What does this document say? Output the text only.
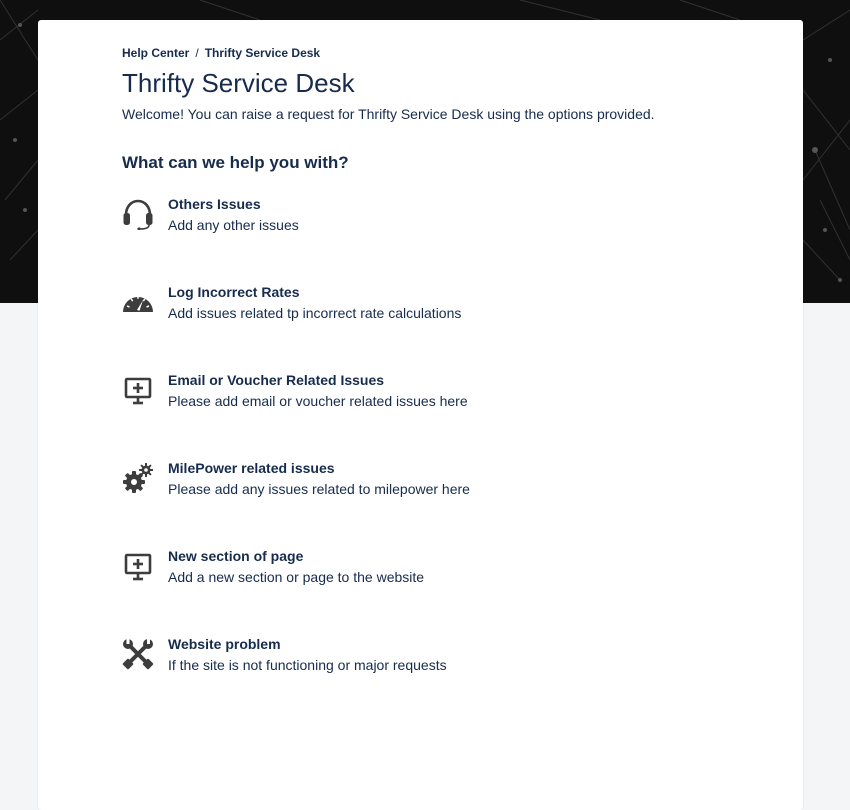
Help Center / Thrifty Service Desk
Thrifty Service Desk
Welcome! You can raise a request for Thrifty Service Desk using the options provided.
What can we help you with?
Others Issues
Add any other issues
Log Incorrect Rates
Add issues related tp incorrect rate calculations
Email or Voucher Related Issues
Please add email or voucher related issues here
MilePower related issues
Please add any issues related to milepower here
New section of page
Add a new section or page to the website
Website problem
If the site is not functioning or major requests
